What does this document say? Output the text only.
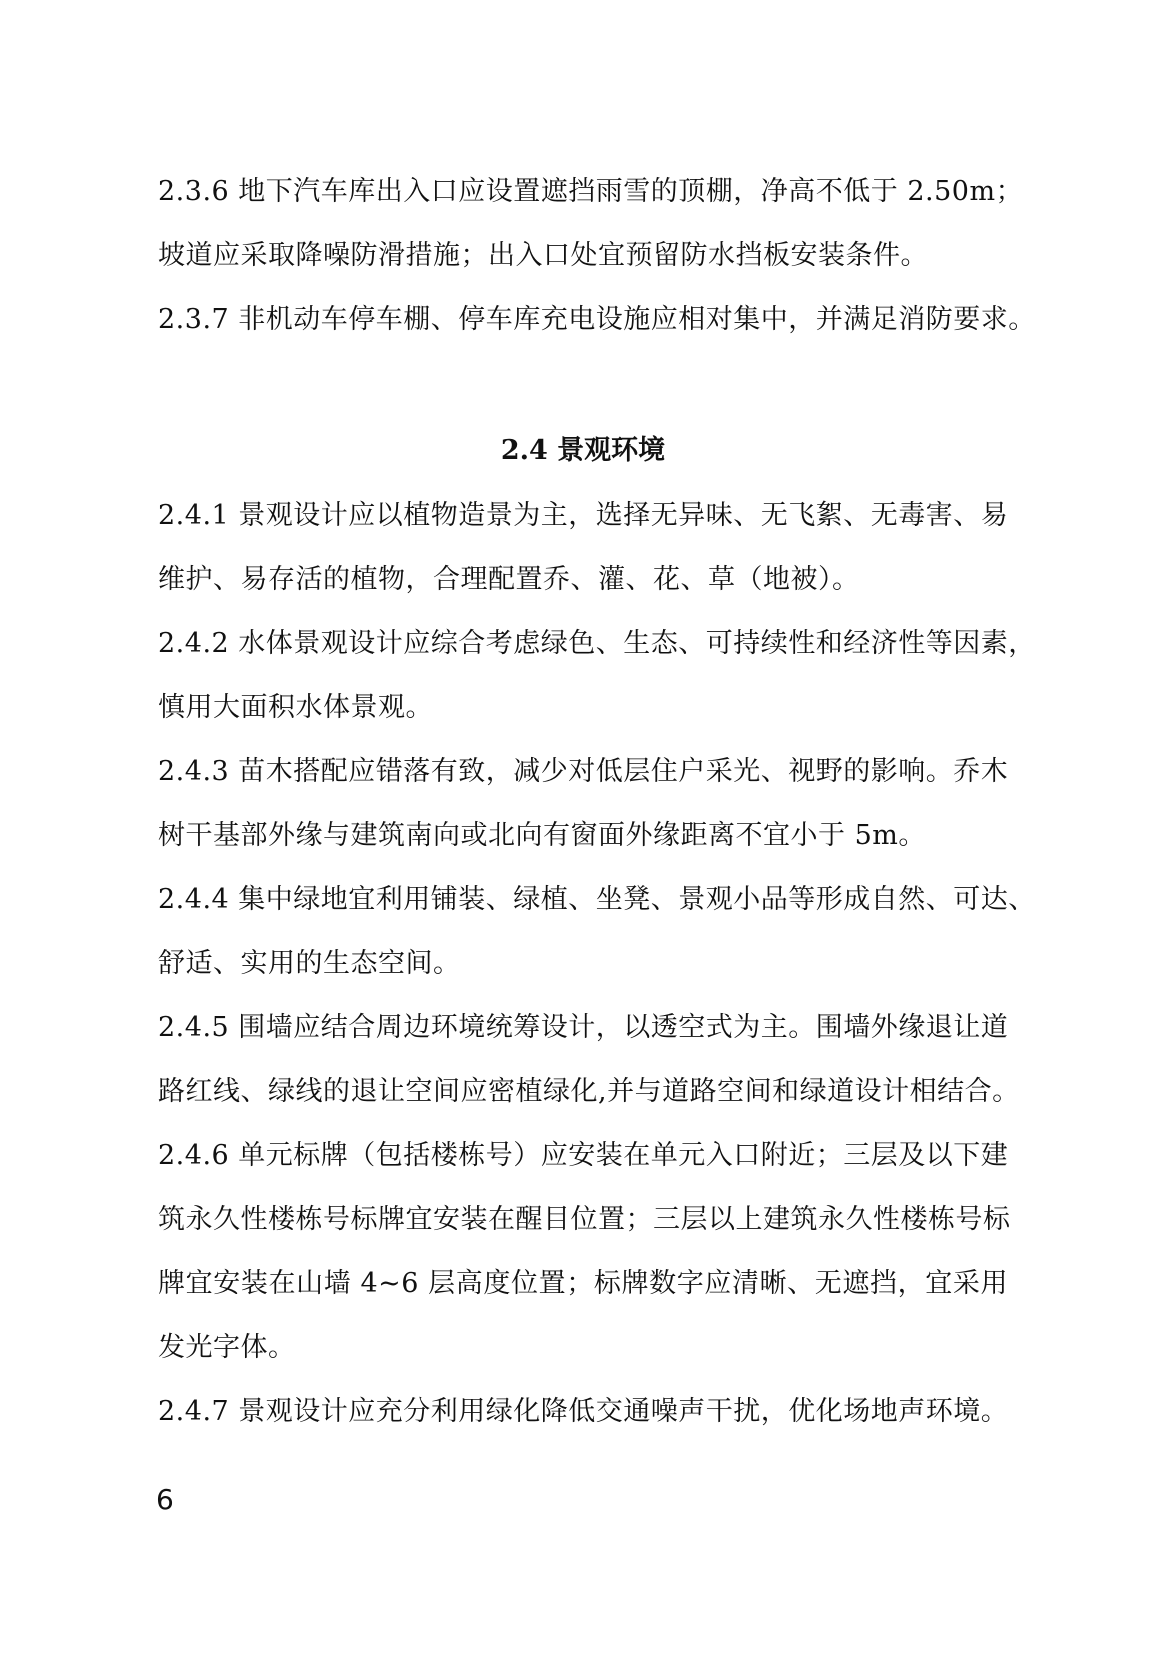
2.3.6 地下汽车库出入口应设置遮挡雨雪的顶棚，净高不低于 2.50m；
坡道应采取降噪防滑措施；出入口处宜预留防水挡板安装条件。
2.3.7 非机动车停车棚、停车库充电设施应相对集中，并满足消防要求。
2.4 景观环境
2.4.1 景观设计应以植物造景为主，选择无异味、无飞絮、无毒害、易
维护、易存活的植物，合理配置乔、灌、花、草（地被）。
2.4.2 水体景观设计应综合考虑绿色、生态、可持续性和经济性等因素，
慎用大面积水体景观。
2.4.3 苗木搭配应错落有致，减少对低层住户采光、视野的影响。乔木
树干基部外缘与建筑南向或北向有窗面外缘距离不宜小于 5m。
2.4.4 集中绿地宜利用铺装、绿植、坐凳、景观小品等形成自然、可达、
舒适、实用的生态空间。
2.4.5 围墙应结合周边环境统筹设计，以透空式为主。围墙外缘退让道
路红线、绿线的退让空间应密植绿化,并与道路空间和绿道设计相结合。
2.4.6 单元标牌（包括楼栋号）应安装在单元入口附近；三层及以下建
筑永久性楼栋号标牌宜安装在醒目位置；三层以上建筑永久性楼栋号标
牌宜安装在山墙 4~6 层高度位置；标牌数字应清晰、无遮挡，宜采用
发光字体。
2.4.7 景观设计应充分利用绿化降低交通噪声干扰，优化场地声环境。
6
